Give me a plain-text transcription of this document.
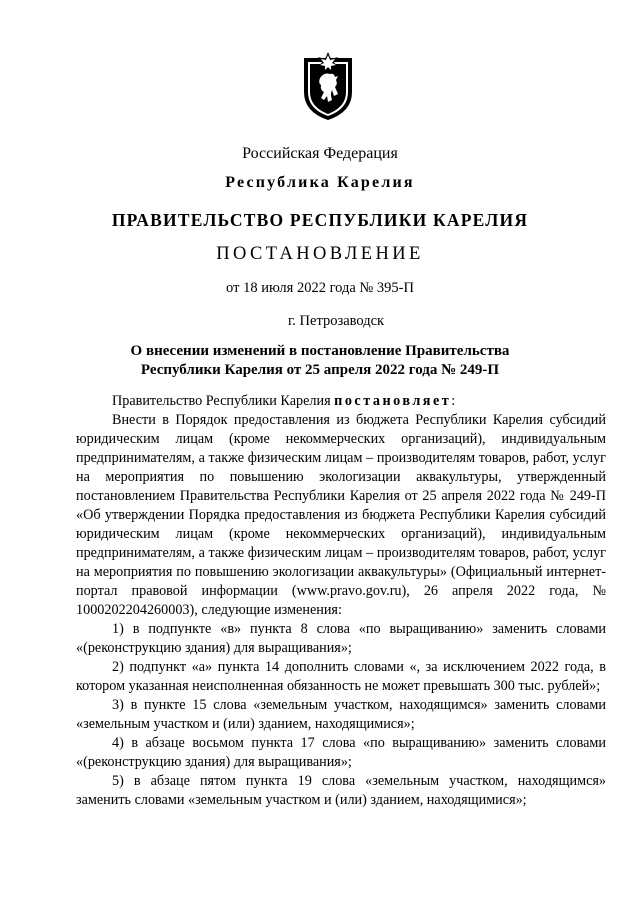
Российская Федерация
Республика Карелия
ПРАВИТЕЛЬСТВО РЕСПУБЛИКИ КАРЕЛИЯ
ПОСТАНОВЛЕНИЕ
от 18 июля 2022 года № 395-П
г. Петрозаводск
О внесении изменений в постановление Правительства
Республики Карелия от 25 апреля 2022 года № 249-П

Правительство Республики Карелия постановляет:

Внести в Порядок предоставления из бюджета Республики Карелия субсидий юридическим лицам (кроме некоммерческих организаций), индивидуальным предпринимателям, а также физическим лицам – производителям товаров, работ, услуг на мероприятия по повышению экологизации аквакультуры, утвержденный постановлением Правительства Республики Карелия от 25 апреля 2022 года № 249-П «Об утверждении Порядка предоставления из бюджета Республики Карелия субсидий юридическим лицам (кроме некоммерческих организаций), индивидуальным предпринимателям, а также физическим лицам – производителям товаров, работ, услуг на мероприятия по повышению экологизации аквакультуры» (Официальный интернет-портал правовой информации (www.pravo.gov.ru), 26 апреля 2022 года, № 1000202204260003), следующие изменения:

1) в подпункте «в» пункта 8 слова «по выращиванию» заменить словами «(реконструкцию здания) для выращивания»;

2) подпункт «а» пункта 14 дополнить словами «, за исключением 2022 года, в котором указанная неисполненная обязанность не может превышать 300 тыс. рублей»;

3) в пункте 15 слова «земельным участком, находящимся» заменить словами «земельным участком и (или) зданием, находящимися»;

4) в абзаце восьмом пункта 17 слова «по выращиванию» заменить словами «(реконструкцию здания) для выращивания»;

5) в абзаце пятом пункта 19 слова «земельным участком, находящимся» заменить словами «земельным участком и (или) зданием, находящимися»;
